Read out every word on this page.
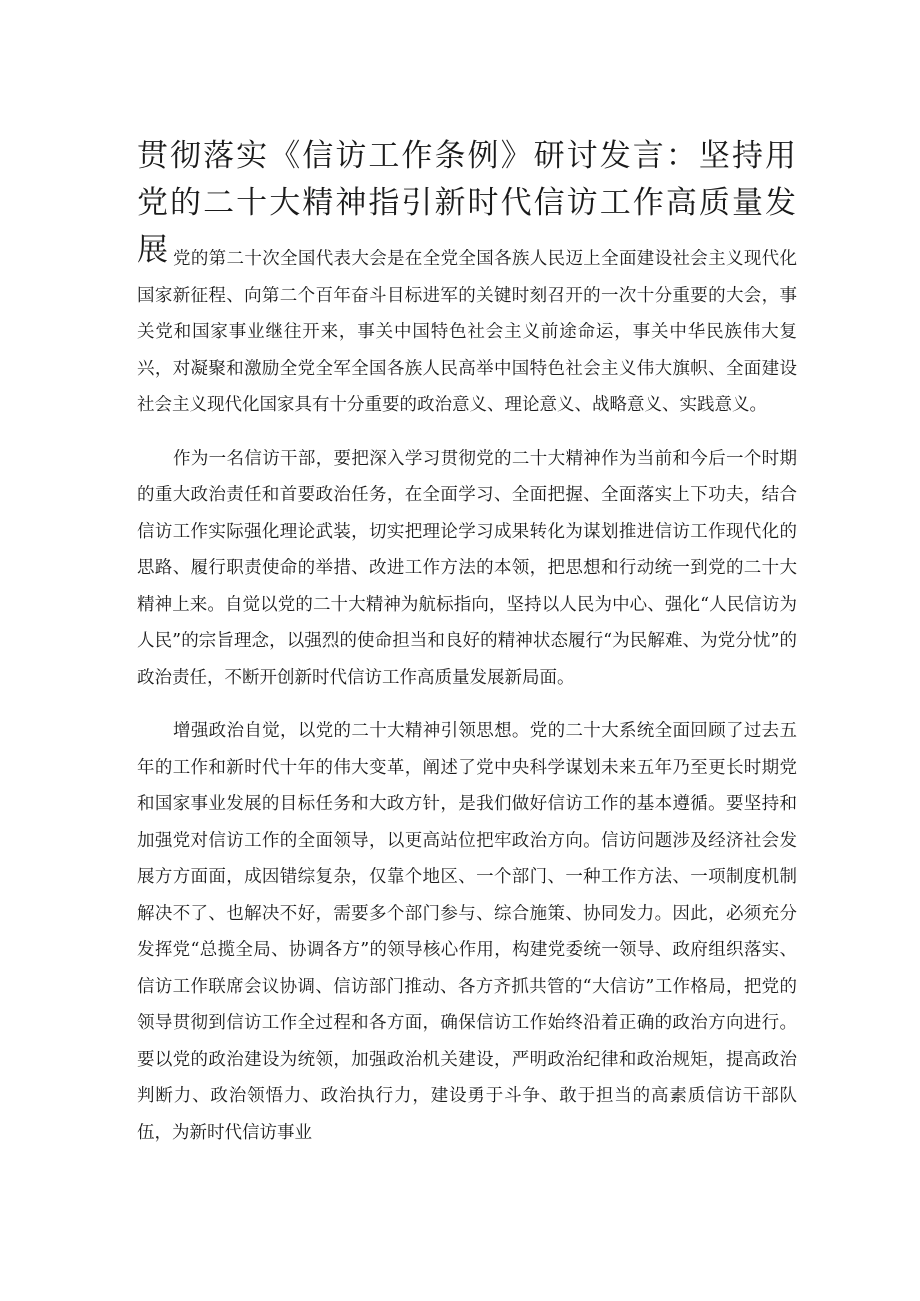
贯彻落实《信访工作条例》研讨发言：坚持用党的二十大精神指引新时代信访工作高质量发展 党的第二十次全国代表大会是在全党全国各族人民迈上全面建设社会主义现代化国家新征程、向第二个百年奋斗目标进军的关键时刻召开的一次十分重要的大会，事关党和国家事业继往开来，事关中国特色社会主义前途命运，事关中华民族伟大复兴，对凝聚和激励全党全军全国各族人民高举中国特色社会主义伟大旗帜、全面建设社会主义现代化国家具有十分重要的政治意义、理论意义、战略意义、实践意义。

作为一名信访干部，要把深入学习贯彻党的二十大精神作为当前和今后一个时期的重大政治责任和首要政治任务，在全面学习、全面把握、全面落实上下功夫，结合信访工作实际强化理论武装，切实把理论学习成果转化为谋划推进信访工作现代化的思路、履行职责使命的举措、改进工作方法的本领，把思想和行动统一到党的二十大精神上来。自觉以党的二十大精神为航标指向，坚持以人民为中心、强化“人民信访为人民”的宗旨理念，以强烈的使命担当和良好的精神状态履行“为民解难、为党分忧”的政治责任，不断开创新时代信访工作高质量发展新局面。

增强政治自觉，以党的二十大精神引领思想。党的二十大系统全面回顾了过去五年的工作和新时代十年的伟大变革，阐述了党中央科学谋划未来五年乃至更长时期党和国家事业发展的目标任务和大政方针，是我们做好信访工作的基本遵循。要坚持和加强党对信访工作的全面领导，以更高站位把牢政治方向。信访问题涉及经济社会发展方方面面，成因错综复杂，仅靠个地区、一个部门、一种工作方法、一项制度机制解决不了、也解决不好，需要多个部门参与、综合施策、协同发力。因此，必须充分发挥党“总揽全局、协调各方”的领导核心作用，构建党委统一领导、政府组织落实、信访工作联席会议协调、信访部门推动、各方齐抓共管的“大信访”工作格局，把党的领导贯彻到信访工作全过程和各方面，确保信访工作始终沿着正确的政治方向进行。要以党的政治建设为统领，加强政治机关建设，严明政治纪律和政治规矩，提高政治判断力、政治领悟力、政治执行力，建设勇于斗争、敢于担当的高素质信访干部队伍，为新时代信访事业
